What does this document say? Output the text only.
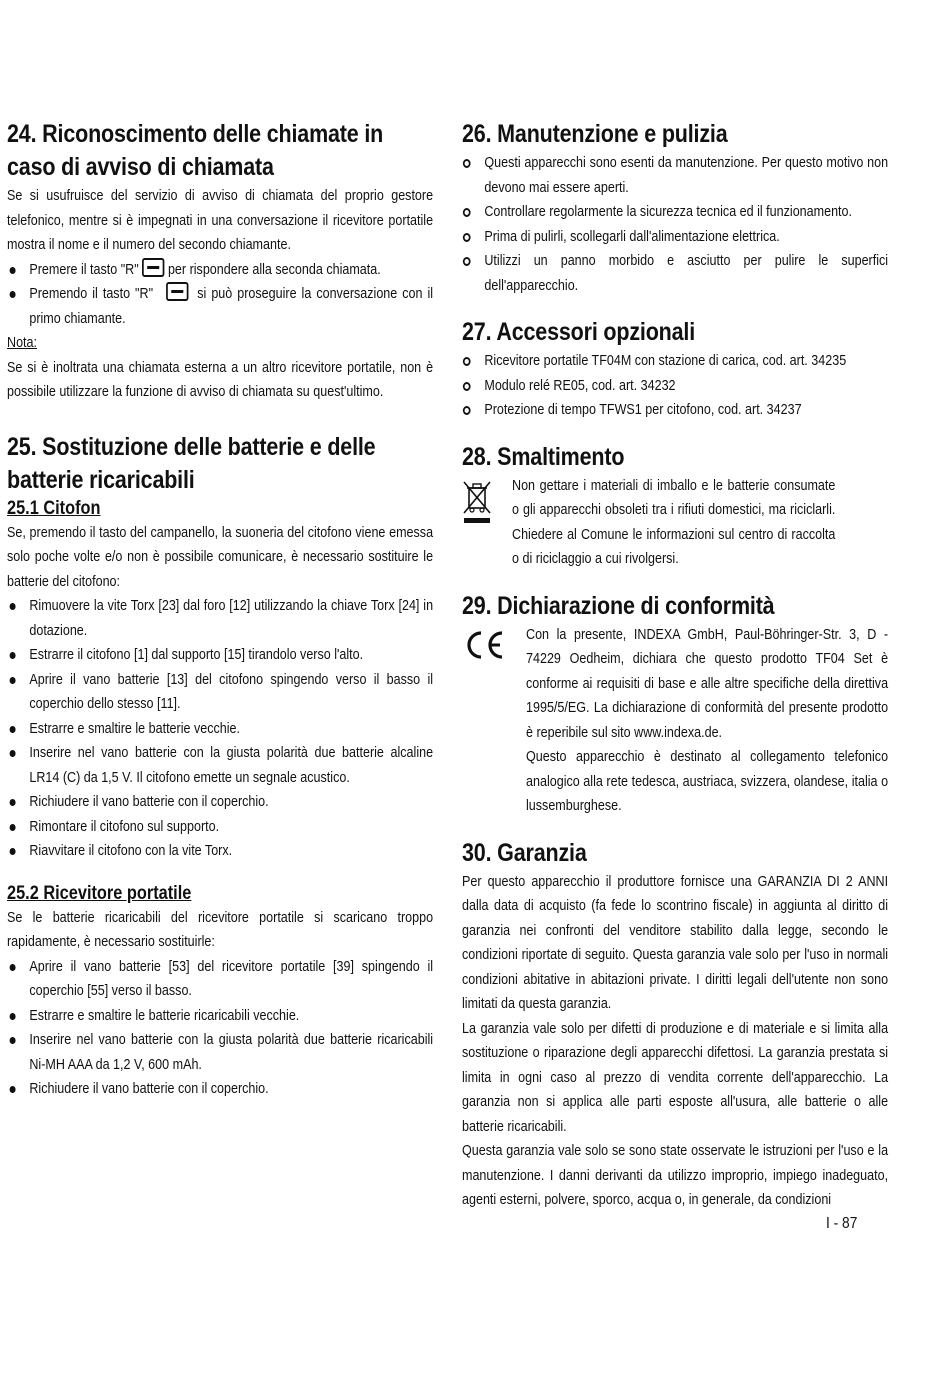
24. Riconoscimento delle chiamate in caso di avviso di chiamata

Se si usufruisce del servizio di avviso di chiamata del proprio gestore telefonico, mentre si è impegnati in una conversazione il ricevitore portatile mostra il nome e il numero del secondo chiamante.

Premere il tasto "R" per rispondere alla seconda chiamata.
Premendo il tasto "R"	si può proseguire la conversazione con il primo chiamante.

Nota:

Se si è inoltrata una chiamata esterna a un altro ricevitore portatile, non è possibile utilizzare la funzione di avviso di chiamata su quest'ultimo.

25. Sostituzione delle batterie e delle batterie ricaricabili
25.1 Citofon

Se, premendo il tasto del campanello, la suoneria del citofono viene emessa solo poche volte e/o non è possibile comunicare, è necessario sostituire le batterie del citofono:

Rimuovere la vite Torx [23] dal foro [12] utilizzando la chiave Torx [24] in dotazione.
Estrarre il citofono [1] dal supporto [15] tirandolo verso l'alto.
Aprire il vano batterie [13] del citofono spingendo verso il basso il coperchio dello stesso [11].
Estrarre e smaltire le batterie vecchie.
Inserire nel vano batterie con la giusta polarità due batterie alcaline LR14 (C) da 1,5 V. Il citofono emette un segnale acustico.
Richiudere il vano batterie con il coperchio.
Rimontare il citofono sul supporto.
Riavvitare il citofono con la vite Torx.
25.2 Ricevitore portatile

Se le batterie ricaricabili del ricevitore portatile si scaricano troppo rapidamente, è necessario sostituirle:

Aprire il vano batterie [53] del ricevitore portatile [39] spingendo il coperchio [55] verso il basso.
Estrarre e smaltire le batterie ricaricabili vecchie.
Inserire nel vano batterie con la giusta polarità due batterie ricaricabili Ni-MH AAA da 1,2 V, 600 mAh.
Richiudere il vano batterie con il coperchio.
26. Manutenzione e pulizia
Questi apparecchi sono esenti da manutenzione. Per questo motivo non devono mai essere aperti.
Controllare regolarmente la sicurezza tecnica ed il funzionamento.
Prima di pulirli, scollegarli dall'alimentazione elettrica.
Utilizzi un panno morbido e asciutto per pulire le superfici dell'apparecchio.
27. Accessori opzionali
Ricevitore portatile TF04M con stazione di carica, cod. art. 34235
Modulo relé RE05, cod. art. 34232
Protezione di tempo TFWS1 per citofono, cod. art. 34237
28. Smaltimento

Non gettare i materiali di imballo e le batterie consumate o gli apparecchi obsoleti tra i rifiuti domestici, ma riciclarli. Chiedere al Comune le informazioni sul centro di raccolta o di riciclaggio a cui rivolgersi.

29. Dichiarazione di conformità

Con la presente, INDEXA GmbH, Paul-Böhringer-Str. 3, D - 74229 Oedheim, dichiara che questo prodotto TF04 Set è conforme ai requisiti di base e alle altre specifiche della direttiva 1995/5/EG. La dichiarazione di conformità del presente prodotto è reperibile sul sito www.indexa.de.

Questo apparecchio è destinato al collegamento telefonico analogico alla rete tedesca, austriaca, svizzera, olandese, italia o lussemburghese.

30. Garanzia

Per questo apparecchio il produttore fornisce una GARANZIA DI 2 ANNI dalla data di acquisto (fa fede lo scontrino fiscale) in aggiunta al diritto di garanzia nei confronti del venditore stabilito dalla legge, secondo le condizioni riportate di seguito. Questa garanzia vale solo per l'uso in normali condizioni abitative in abitazioni private. I diritti legali dell'utente non sono limitati da questa garanzia.

La garanzia vale solo per difetti di produzione e di materiale e si limita alla sostituzione o riparazione degli apparecchi difettosi. La garanzia prestata si limita in ogni caso al prezzo di vendita corrente dell'apparecchio. La garanzia non si applica alle parti esposte all'usura, alle batterie o alle batterie ricaricabili.

Questa garanzia vale solo se sono state osservate le istruzioni per l'uso e la manutenzione. I danni derivanti da utilizzo improprio, impiego inadeguato, agenti esterni, polvere, sporco, acqua o, in generale, da condizioni

I - 87
